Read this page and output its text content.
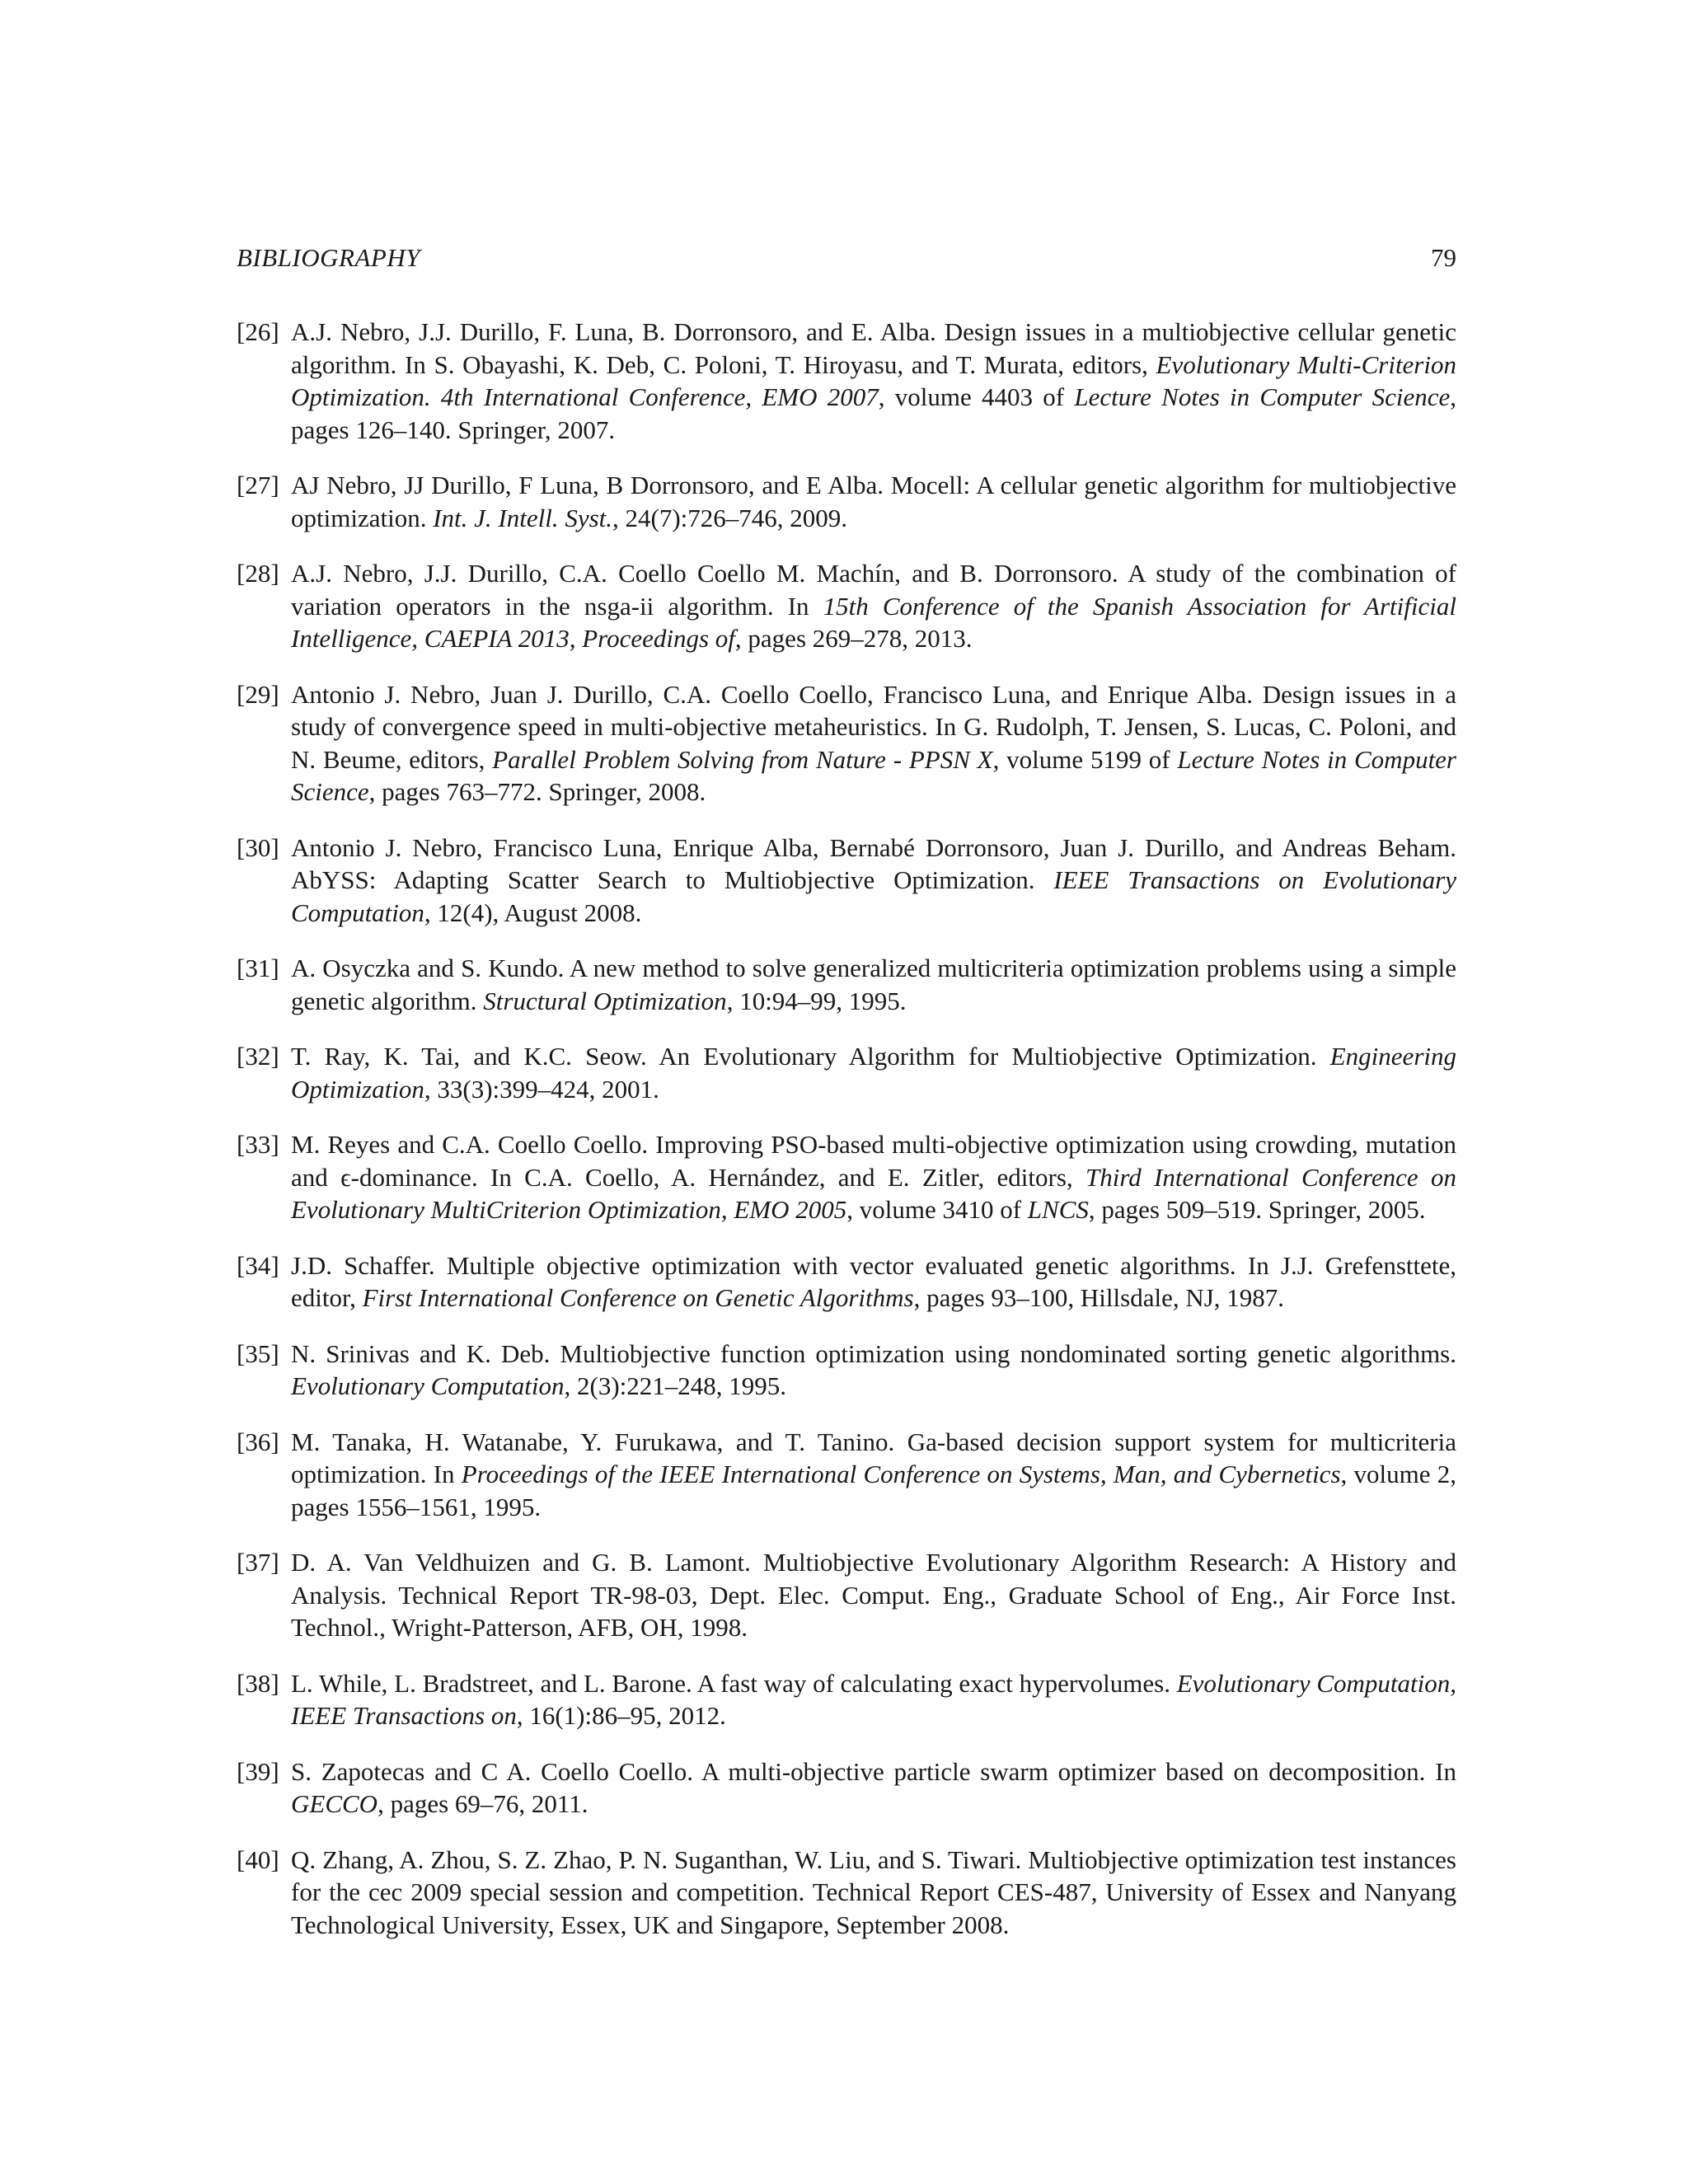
BIBLIOGRAPHY	79
[26] A.J. Nebro, J.J. Durillo, F. Luna, B. Dorronsoro, and E. Alba. Design issues in a multiobjective cellular genetic algorithm. In S. Obayashi, K. Deb, C. Poloni, T. Hiroyasu, and T. Murata, editors, Evolutionary Multi-Criterion Optimization. 4th International Conference, EMO 2007, volume 4403 of Lecture Notes in Computer Science, pages 126–140. Springer, 2007.
[27] AJ Nebro, JJ Durillo, F Luna, B Dorronsoro, and E Alba. Mocell: A cellular genetic algorithm for multiobjective optimization. Int. J. Intell. Syst., 24(7):726–746, 2009.
[28] A.J. Nebro, J.J. Durillo, C.A. Coello Coello M. Machín, and B. Dorronsoro. A study of the combination of variation operators in the nsga-ii algorithm. In 15th Conference of the Spanish Association for Artificial Intelligence, CAEPIA 2013, Proceedings of, pages 269–278, 2013.
[29] Antonio J. Nebro, Juan J. Durillo, C.A. Coello Coello, Francisco Luna, and Enrique Alba. Design issues in a study of convergence speed in multi-objective metaheuristics. In G. Rudolph, T. Jensen, S. Lucas, C. Poloni, and N. Beume, editors, Parallel Problem Solving from Nature - PPSN X, volume 5199 of Lecture Notes in Computer Science, pages 763–772. Springer, 2008.
[30] Antonio J. Nebro, Francisco Luna, Enrique Alba, Bernabé Dorronsoro, Juan J. Durillo, and Andreas Beham. AbYSS: Adapting Scatter Search to Multiobjective Optimization. IEEE Transactions on Evolutionary Computation, 12(4), August 2008.
[31] A. Osyczka and S. Kundo. A new method to solve generalized multicriteria optimization problems using a simple genetic algorithm. Structural Optimization, 10:94–99, 1995.
[32] T. Ray, K. Tai, and K.C. Seow. An Evolutionary Algorithm for Multiobjective Optimization. Engineering Optimization, 33(3):399–424, 2001.
[33] M. Reyes and C.A. Coello Coello. Improving PSO-based multi-objective optimization using crowding, mutation and ϵ-dominance. In C.A. Coello, A. Hernández, and E. Zitler, editors, Third International Conference on Evolutionary MultiCriterion Optimization, EMO 2005, volume 3410 of LNCS, pages 509–519. Springer, 2005.
[34] J.D. Schaffer. Multiple objective optimization with vector evaluated genetic algorithms. In J.J. Grefensttete, editor, First International Conference on Genetic Algorithms, pages 93–100, Hillsdale, NJ, 1987.
[35] N. Srinivas and K. Deb. Multiobjective function optimization using nondominated sorting genetic algorithms. Evolutionary Computation, 2(3):221–248, 1995.
[36] M. Tanaka, H. Watanabe, Y. Furukawa, and T. Tanino. Ga-based decision support system for multicriteria optimization. In Proceedings of the IEEE International Conference on Systems, Man, and Cybernetics, volume 2, pages 1556–1561, 1995.
[37] D. A. Van Veldhuizen and G. B. Lamont. Multiobjective Evolutionary Algorithm Research: A History and Analysis. Technical Report TR-98-03, Dept. Elec. Comput. Eng., Graduate School of Eng., Air Force Inst. Technol., Wright-Patterson, AFB, OH, 1998.
[38] L. While, L. Bradstreet, and L. Barone. A fast way of calculating exact hypervolumes. Evolutionary Computation, IEEE Transactions on, 16(1):86–95, 2012.
[39] S. Zapotecas and C A. Coello Coello. A multi-objective particle swarm optimizer based on decomposition. In GECCO, pages 69–76, 2011.
[40] Q. Zhang, A. Zhou, S. Z. Zhao, P. N. Suganthan, W. Liu, and S. Tiwari. Multiobjective optimization test instances for the cec 2009 special session and competition. Technical Report CES-487, University of Essex and Nanyang Technological University, Essex, UK and Singapore, September 2008.
